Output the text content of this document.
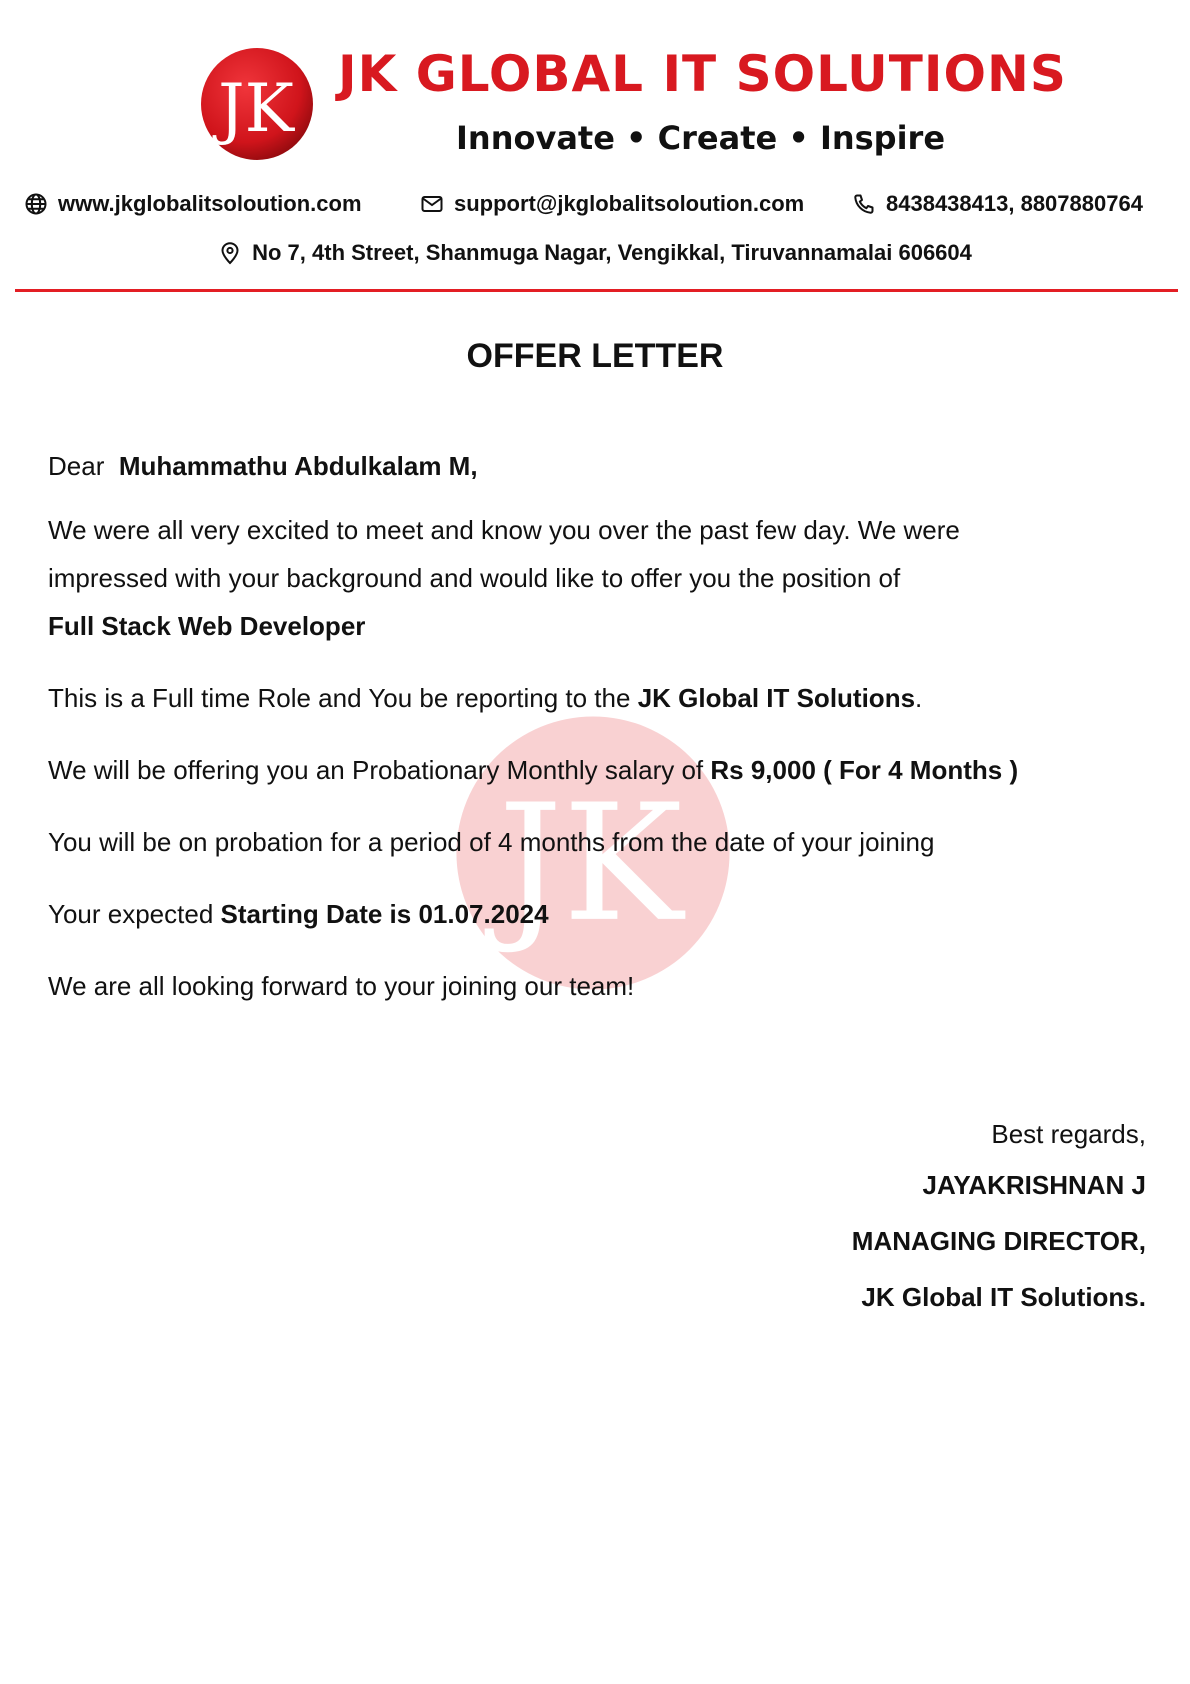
JK JK GLOBAL IT SOLUTIONS
Innovate • Create • Inspire
www.jkglobalitsoloution.com	support@jkglobalitsoloution.com	8438438413, 8807880764
No 7, 4th Street, Shanmuga Nagar, Vengikkal, Tiruvannamalai 606604
JK
OFFER LETTER
Dear Muhammathu Abdulkalam M,
We were all very excited to meet and know you over the past few day. We were
impressed with your background and would like to offer you the position of
Full Stack Web Developer
This is a Full time Role and You be reporting to the JK Global IT Solutions.
We will be offering you an Probationary Monthly salary of Rs 9,000 ( For 4 Months )
You will be on probation for a period of 4 months from the date of your joining
Your expected Starting Date is 01.07.2024
We are all looking forward to your joining our team!
Best regards,
JAYAKRISHNAN J
MANAGING DIRECTOR,
JK Global IT Solutions.
